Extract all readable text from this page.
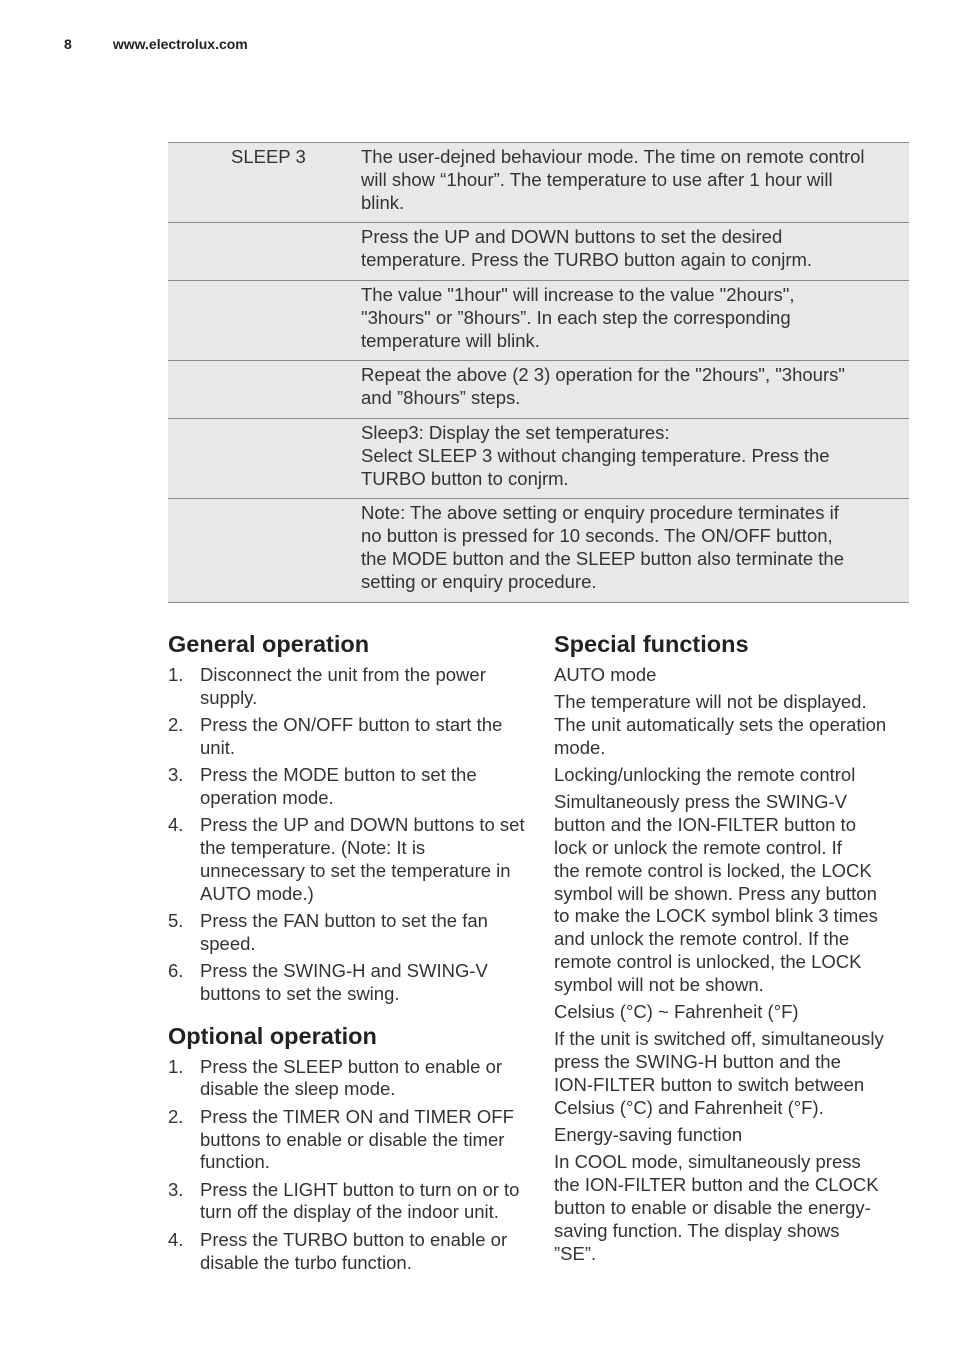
8	www.electrolux.com
SLEEP 3	The user-dejned behaviour mode. The time on remote control
will show “1hour”. The temperature to use after 1 hour will
blink.

	Press the UP and DOWN buttons to set the desired
temperature. Press the TURBO button again to conjrm.

	The value "1hour" will increase to the value "2hours",
"3hours" or ”8hours”. In each step the corresponding
temperature will blink.

	Repeat the above (2 3) operation for the "2hours", "3hours"
and ”8hours” steps.

	Sleep3: Display the set temperatures:
Select SLEEP 3 without changing temperature. Press the
TURBO button to conjrm.

	Note: The above setting or enquiry procedure terminates if
no button is pressed for 10 seconds. The ON/OFF button,
the MODE button and the SLEEP button also terminate the
setting or enquiry procedure.
General operation
1. Disconnect the unit from the power supply.
2. Press the ON/OFF button to start the unit.
3. Press the MODE button to set the operation mode.
4. Press the UP and DOWN buttons to set the temperature. (Note: It is unnecessary to set the temperature in AUTO mode.)
5. Press the FAN button to set the fan speed.
6. Press the SWING-H and SWING-V buttons to set the swing.
Optional operation
1. Press the SLEEP button to enable or disable the sleep mode.
2. Press the TIMER ON and TIMER OFF buttons to enable or disable the timer function.
3. Press the LIGHT button to turn on or to turn off the display of the indoor unit.
4. Press the TURBO button to enable or disable the turbo function.
Special functions

AUTO mode

The temperature will not be displayed.
The unit automatically sets the operation
mode.

Locking/unlocking the remote control

Simultaneously press the SWING-V
button and the ION-FILTER button to
lock or unlock the remote control. If
the remote control is locked, the LOCK
symbol will be shown. Press any button
to make the LOCK symbol blink 3 times
and unlock the remote control. If the
remote control is unlocked, the LOCK
symbol will not be shown.

Celsius (°C) ~ Fahrenheit (°F)

If the unit is switched off, simultaneously
press the SWING-H button and the
ION-FILTER button to switch between
Celsius (°C) and Fahrenheit (°F).

Energy-saving function

In COOL mode, simultaneously press
the ION-FILTER button and the CLOCK
button to enable or disable the energy-
saving function. The display shows
”SE”.
